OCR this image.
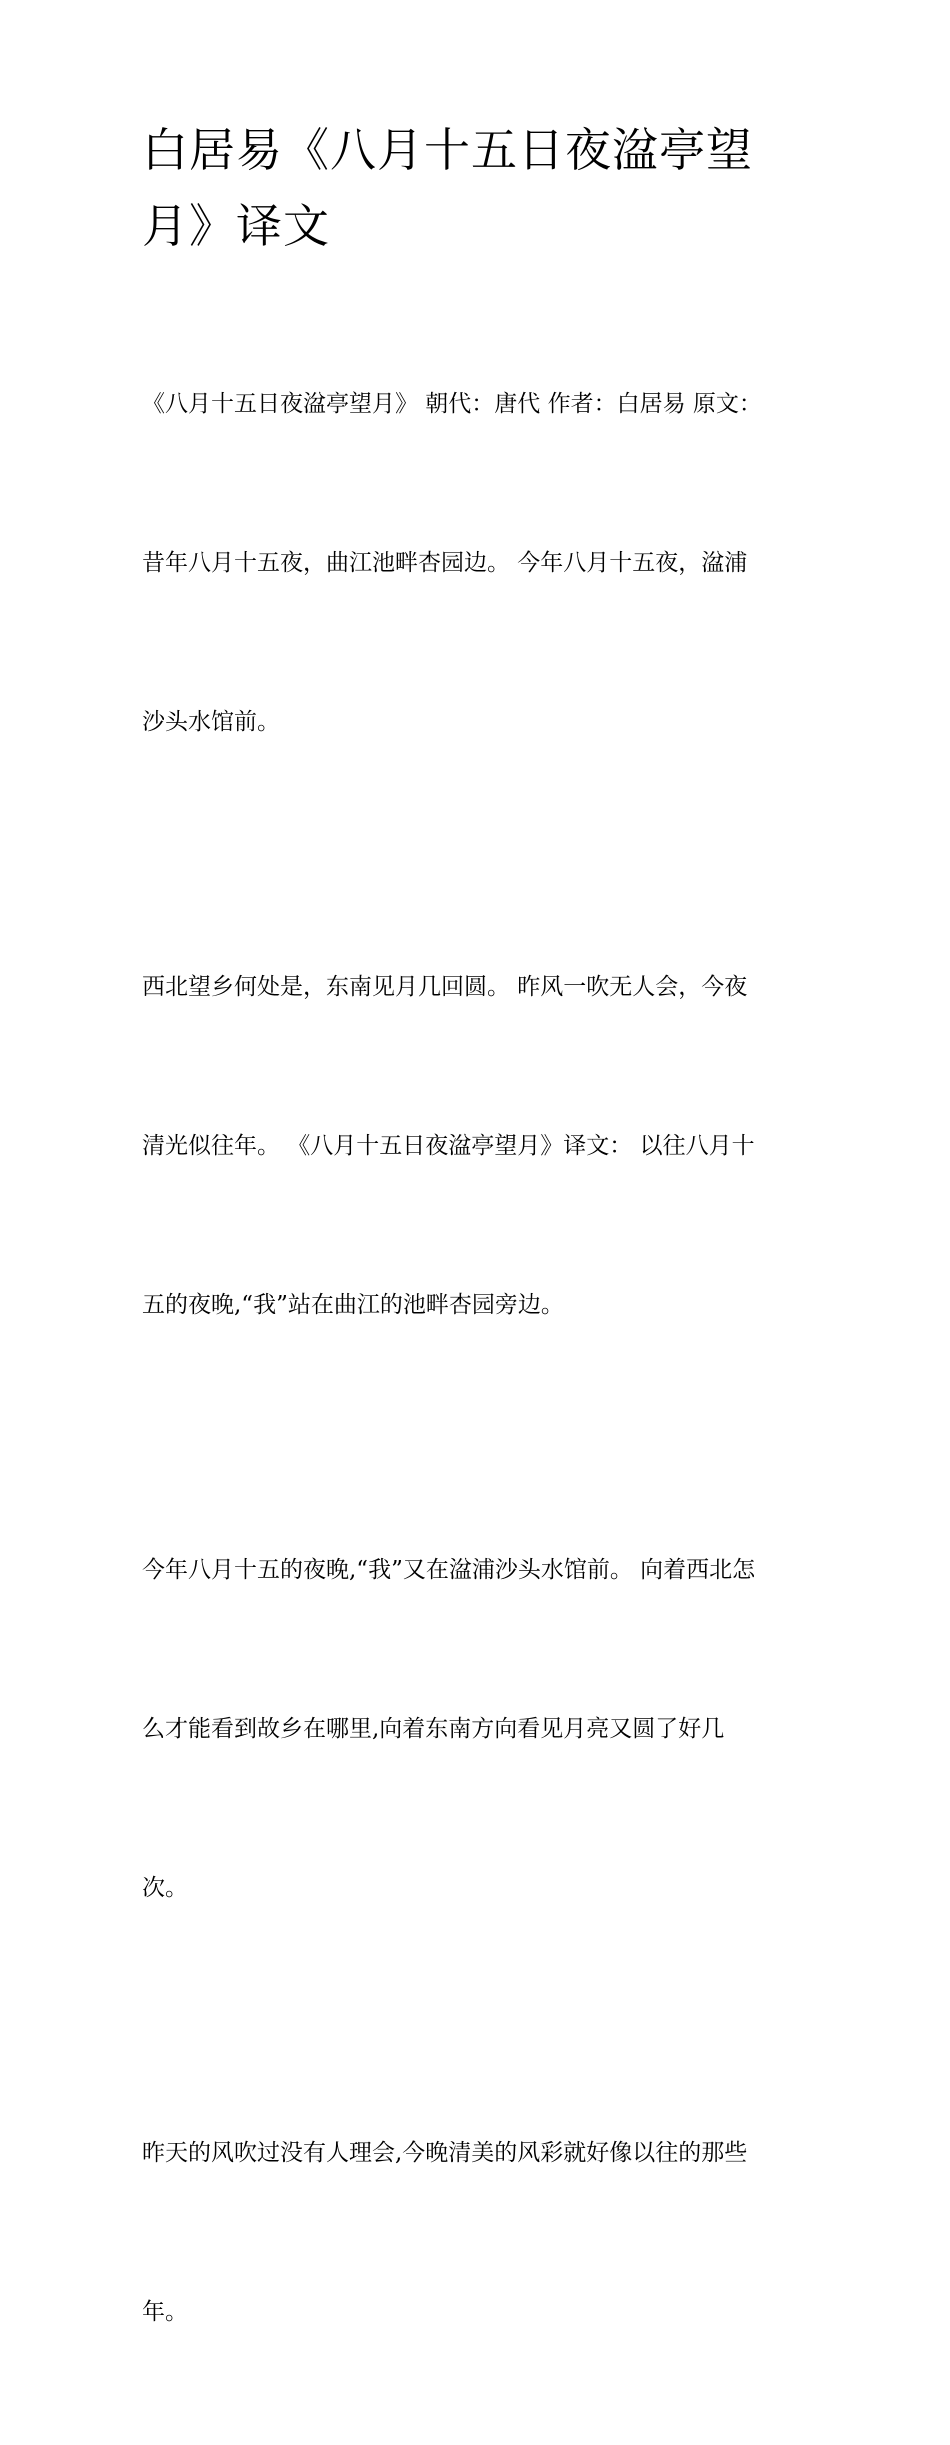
白居易《八月十五日夜湓亭望
月》译文

《八月十五日夜湓亭望月》 朝代：唐代 作者：白居易 原文：

昔年八月十五夜，曲江池畔杏园边。 今年八月十五夜，湓浦

沙头水馆前。

西北望乡何处是，东南见月几回圆。 昨风一吹无人会，今夜

清光似往年。 《八月十五日夜湓亭望月》译文： 以往八月十

五的夜晚,“我”站在曲江的池畔杏园旁边。

今年八月十五的夜晚,“我”又在湓浦沙头水馆前。 向着西北怎

么才能看到故乡在哪里,向着东南方向看见月亮又圆了好几

次。

昨天的风吹过没有人理会,今晚清美的风彩就好像以往的那些

年。
